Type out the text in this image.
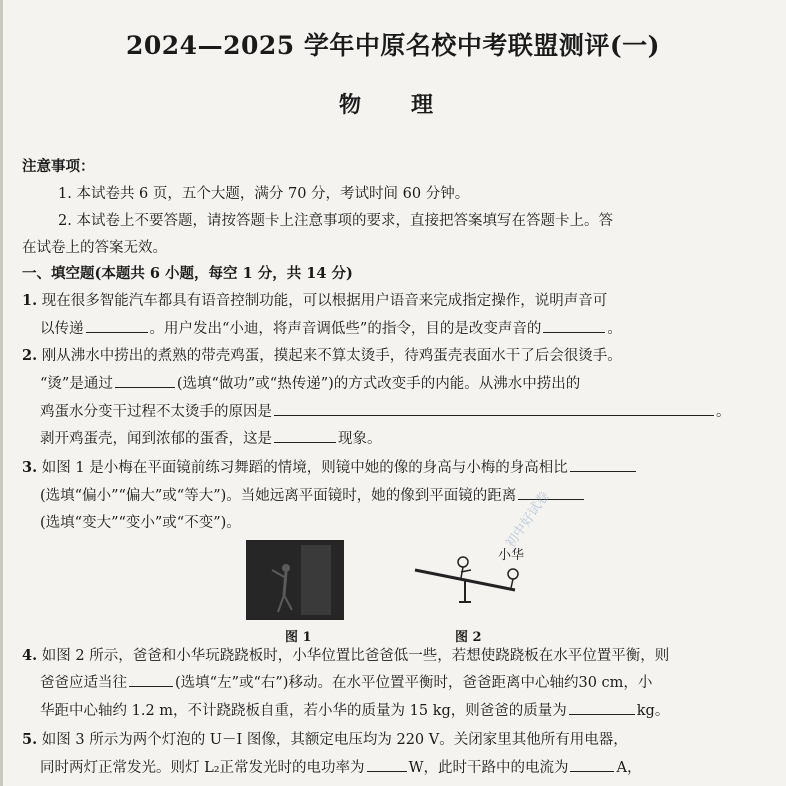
2024—2025 学年中原名校中考联盟测评(一)
物　理
注意事项：
1. 本试卷共 6 页，五个大题，满分 70 分，考试时间 60 分钟。
2. 本试卷上不要答题，请按答题卡上注意事项的要求，直接把答案填写在答题卡上。答
在试卷上的答案无效。
一、填空题(本题共 6 小题，每空 1 分，共 14 分)
1. 现在很多智能汽车都具有语音控制功能，可以根据用户语音来完成指定操作，说明声音可
以传递	。用户发出“小迪，将声音调低些”的指令，目的是改变声音的	。
2. 刚从沸水中捞出的煮熟的带壳鸡蛋，摸起来不算太烫手，待鸡蛋壳表面水干了后会很烫手。
“烫”是通过	(选填“做功”或“热传递”)的方式改变手的内能。从沸水中捞出的
鸡蛋水分变干过程不太烫手的原因是	。
剥开鸡蛋壳，闻到浓郁的蛋香，这是	现象。
3. 如图 1 是小梅在平面镜前练习舞蹈的情境，则镜中她的像的身高与小梅的身高相比
(选填“偏小”“偏大”或“等大”)。当她远离平面镜时，她的像到平面镜的距离
(选填“变大”“变小”或“不变”)。
图 1
小华
图 2
初中好试卷
4. 如图 2 所示，爸爸和小华玩跷跷板时，小华位置比爸爸低一些，若想使跷跷板在水平位置平衡，则
爸爸应适当往	(选填“左”或“右”)移动。在水平位置平衡时，爸爸距离中心轴约30 cm，小
华距中心轴约 1.2 m，不计跷跷板自重，若小华的质量为 15 kg，则爸爸的质量为	kg。
5. 如图 3 所示为两个灯泡的 U－I 图像，其额定电压均为 220 V。关闭家里其他所有用电器，
同时两灯正常发光。则灯 L₂正常发光时的电功率为	W，此时干路中的电流为	A，
